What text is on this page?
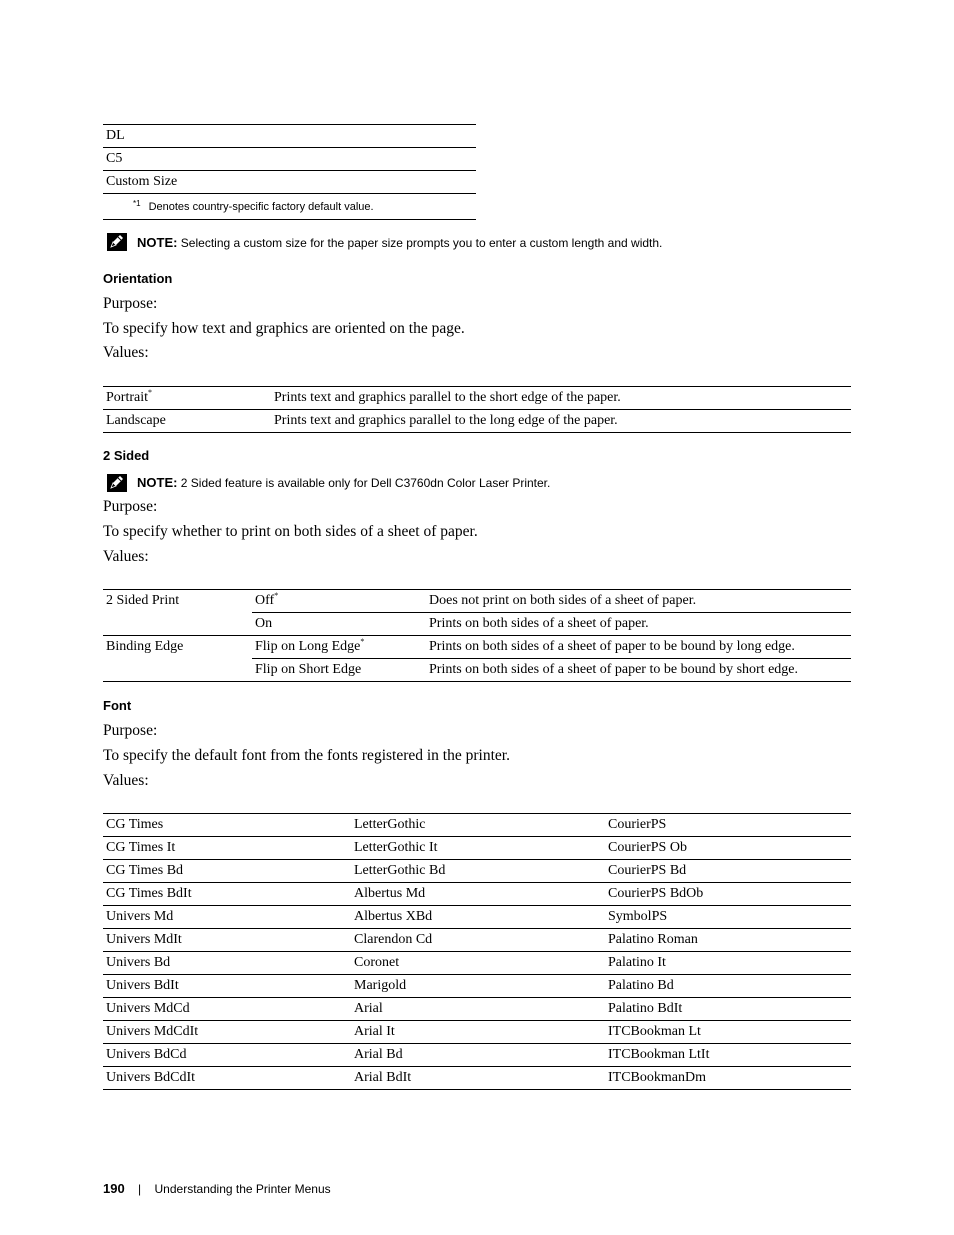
DL
C5
Custom Size
$^{*1}$ Denotes country-specific factory default value.
NOTE: Selecting a custom size for the paper size prompts you to enter a custom length and width.
Orientation
Purpose:
To specify how text and graphics are oriented on the page.
Values:
Portrait*	Prints text and graphics parallel to the short edge of the paper.
Landscape	Prints text and graphics parallel to the long edge of the paper.
2 Sided
NOTE: 2 Sided feature is available only for Dell C3760dn Color Laser Printer.
Purpose:
To specify whether to print on both sides of a sheet of paper.
Values:
2 Sided Print	Off*	Does not print on both sides of a sheet of paper.
	On	Prints on both sides of a sheet of paper.
Binding Edge	Flip on Long Edge*	Prints on both sides of a sheet of paper to be bound by long edge.
	Flip on Short Edge	Prints on both sides of a sheet of paper to be bound by short edge.
Font
Purpose:
To specify the default font from the fonts registered in the printer.
Values:
CG Times	LetterGothic	CourierPS
CG Times It	LetterGothic It	CourierPS Ob
CG Times Bd	LetterGothic Bd	CourierPS Bd
CG Times BdIt	Albertus Md	CourierPS BdOb
Univers Md	Albertus XBd	SymbolPS
Univers MdIt	Clarendon Cd	Palatino Roman
Univers Bd	Coronet	Palatino It
Univers BdIt	Marigold	Palatino Bd
Univers MdCd	Arial	Palatino BdIt
Univers MdCdIt	Arial It	ITCBookman Lt
Univers BdCd	Arial Bd	ITCBookman LtIt
Univers BdCdIt	Arial BdIt	ITCBookmanDm
190 | Understanding the Printer Menus
